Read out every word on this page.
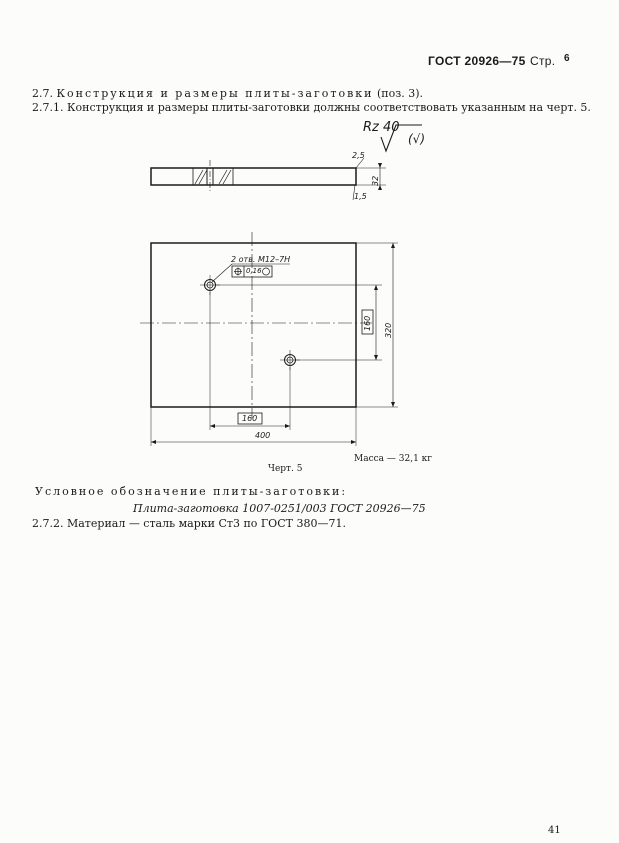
ГОСТ 20926—75 Стр. 6
2.7. Конструкция и размеры плиты-заготовки (поз. 3).
2.7.1. Конструкция и размеры плиты-заготовки должны соответствовать указанным на черт. 5.
Rz 40
(√)
2,5
32
1,5
2 отв. М12–7Н
0,16
320
160
160
400
Масса — 32,1 кг
Черт. 5
Условное обозначение плиты-заготовки:
Плита-заготовка 1007-0251/003 ГОСТ 20926—75
2.7.2. Материал — сталь марки Ст3 по ГОСТ 380—71.
41
